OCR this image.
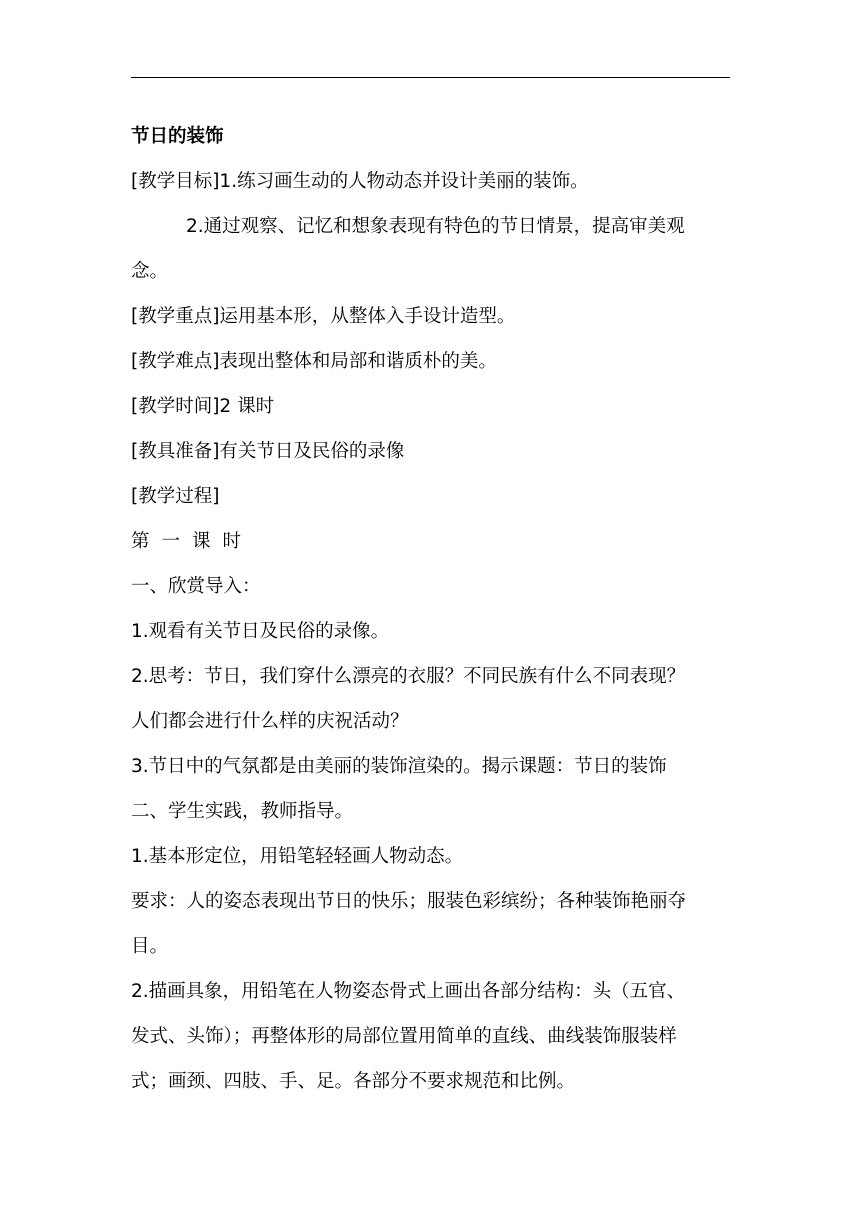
节日的装饰
[教学目标]1.练习画生动的人物动态并设计美丽的装饰。
2.通过观察、记忆和想象表现有特色的节日情景，提高审美观
念。
[教学重点]运用基本形，从整体入手设计造型。
[教学难点]表现出整体和局部和谐质朴的美。
[教学时间]2 课时
[教具准备]有关节日及民俗的录像
[教学过程]
第一课时
一、欣赏导入：
1.观看有关节日及民俗的录像。
2.思考：节日，我们穿什么漂亮的衣服？不同民族有什么不同表现？
人们都会进行什么样的庆祝活动？
3.节日中的气氛都是由美丽的装饰渲染的。揭示课题：节日的装饰
二、学生实践，教师指导。
1.基本形定位，用铅笔轻轻画人物动态。
要求：人的姿态表现出节日的快乐；服装色彩缤纷；各种装饰艳丽夺
目。
2.描画具象，用铅笔在人物姿态骨式上画出各部分结构：头（五官、
发式、头饰）；再整体形的局部位置用简单的直线、曲线装饰服装样
式；画颈、四肢、手、足。各部分不要求规范和比例。
